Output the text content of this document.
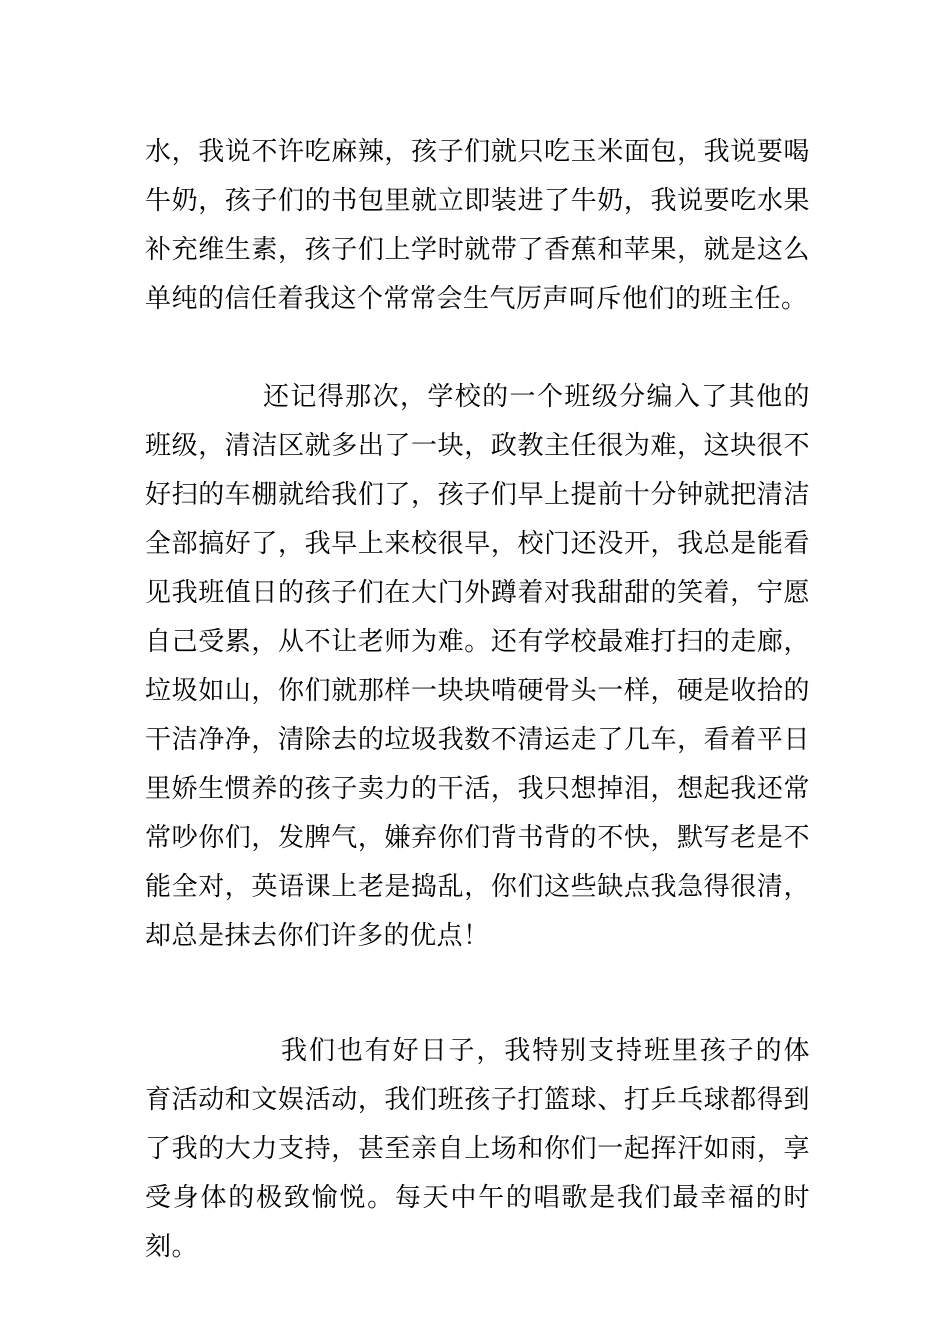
水，我说不许吃麻辣，孩子们就只吃玉米面包，我说要喝牛奶，孩子们的书包里就立即装进了牛奶，我说要吃水果补充维生素，孩子们上学时就带了香蕉和苹果，就是这么单纯的信任着我这个常常会生气厉声呵斥他们的班主任。

还记得那次，学校的一个班级分编入了其他的班级，清洁区就多出了一块，政教主任很为难，这块很不好扫的车棚就给我们了，孩子们早上提前十分钟就把清洁全部搞好了，我早上来校很早，校门还没开，我总是能看见我班值日的孩子们在大门外蹲着对我甜甜的笑着，宁愿自己受累，从不让老师为难。还有学校最难打扫的走廊，垃圾如山，你们就那样一块块啃硬骨头一样，硬是收拾的干洁净净，清除去的垃圾我数不清运走了几车，看着平日里娇生惯养的孩子卖力的干活，我只想掉泪，想起我还常常吵你们，发脾气，嫌弃你们背书背的不快，默写老是不能全对，英语课上老是捣乱，你们这些缺点我急得很清，却总是抹去你们许多的优点！

我们也有好日子，我特别支持班里孩子的体育活动和文娱活动，我们班孩子打篮球、打乒乓球都得到了我的大力支持，甚至亲自上场和你们一起挥汗如雨，享受身体的极致愉悦。每天中午的唱歌是我们最幸福的时刻。
